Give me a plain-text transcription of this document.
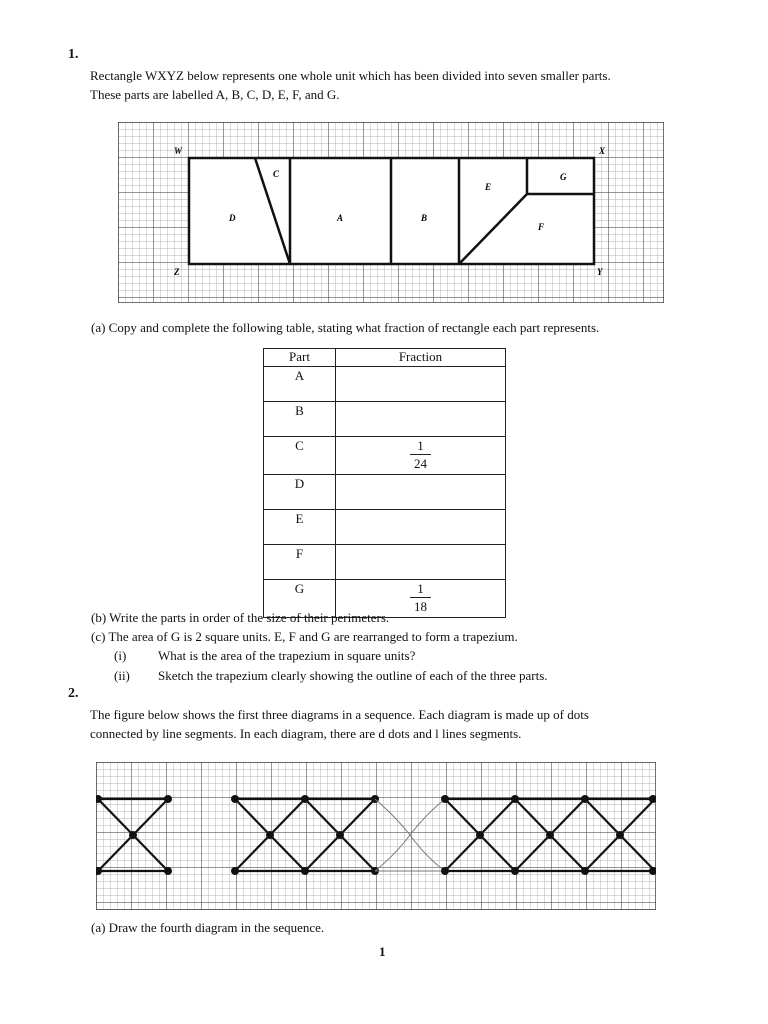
1.
Rectangle WXYZ below represents one whole unit which has been divided into seven smaller parts.
These parts are labelled A, B, C, D, E, F, and G.
W	X
Z	Y
D
C
A	B
E
G
F
(a) Copy and complete the following table, stating what fraction of rectangle each part represents.
Part	Fraction
A	
B	
C	$\frac{1}{24}$

D	
E	
F	
G	$\frac{1}{18}$
(b) Write the parts in order of the size of their perimeters.
(c) The area of G is 2 square units. E, F and G are rearranged to form a trapezium.
(i) What is the area of the trapezium in square units?
(ii) Sketch the trapezium clearly showing the outline of each of the three parts.
2.
The figure below shows the first three diagrams in a sequence. Each diagram is made up of dots
connected by line segments. In each diagram, there are d dots and l lines segments.
(a) Draw the fourth diagram in the sequence.
1
